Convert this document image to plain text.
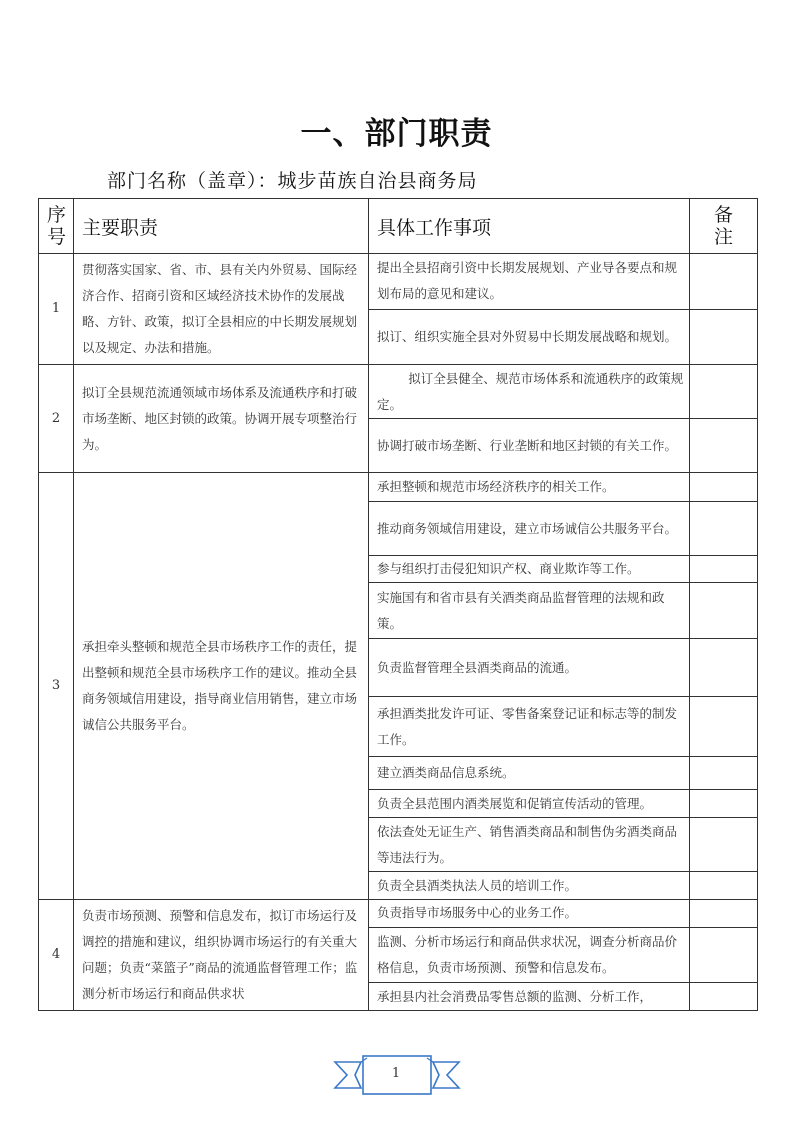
一、部门职责
部门名称（盖章）：城步苗族自治县商务局
序号	主要职责	具体工作事项	备注
1	贯彻落实国家、省、市、县有关内外贸易、国际经济合作、招商引资和区域经济技术协作的发展战略、方针、政策，拟订全县相应的中长期发展规划以及规定、办法和措施。	提出全县招商引资中长期发展规划、产业导各要点和规划布局的意见和建议。	
		拟订、组织实施全县对外贸易中长期发展战略和规划。	
2	拟订全县规范流通领域市场体系及流通秩序和打破市场垄断、地区封锁的政策。协调开展专项整治行为。	拟订全县健全、规范市场体系和流通秩序的政策规定。	
		协调打破市场垄断、行业垄断和地区封锁的有关工作。	
3	承担牵头整顿和规范全县市场秩序工作的责任，提出整顿和规范全县市场秩序工作的建议。推动全县商务领域信用建设，指导商业信用销售，建立市场诚信公共服务平台。	承担整顿和规范市场经济秩序的相关工作。	
		推动商务领域信用建设，建立市场诚信公共服务平台。	
		参与组织打击侵犯知识产权、商业欺诈等工作。	
		实施国有和省市县有关酒类商品监督管理的法规和政策。	
		负责监督管理全县酒类商品的流通。	
		承担酒类批发许可证、零售备案登记证和标志等的制发工作。	
		建立酒类商品信息系统。	
		负责全县范围内酒类展览和促销宣传活动的管理。	
		依法查处无证生产、销售酒类商品和制售伪劣酒类商品等违法行为。	
		负责全县酒类执法人员的培训工作。	
4	负责市场预测、预警和信息发布，拟订市场运行及调控的措施和建议，组织协调市场运行的有关重大问题；负责“菜篮子”商品的流通监督管理工作；监测分析市场运行和商品供求状	负责指导市场服务中心的业务工作。	
		监测、分析市场运行和商品供求状况，调查分析商品价格信息，负责市场预测、预警和信息发布。	
		承担县内社会消费品零售总额的监测、分析工作，	
1
